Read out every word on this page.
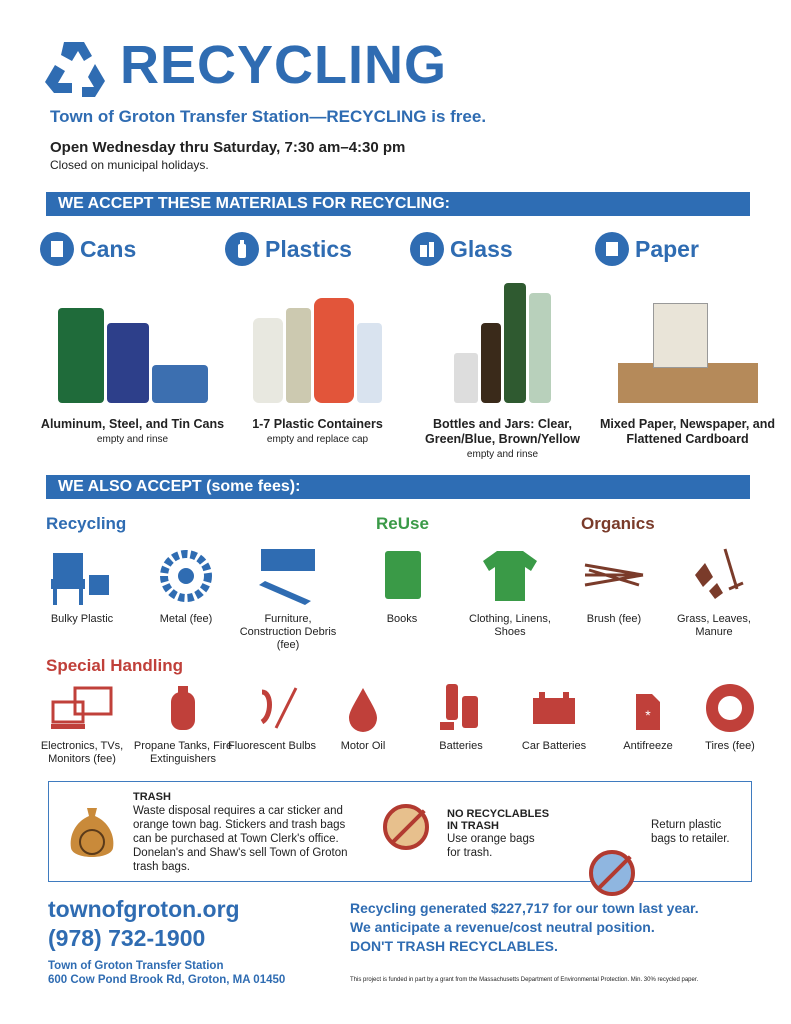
RECYCLING
Town of Groton Transfer Station—RECYCLING is free.
Open Wednesday thru Saturday, 7:30 am–4:30 pm
Closed on municipal holidays.
WE ACCEPT THESE MATERIALS FOR RECYCLING:
Cans
Aluminum, Steel, and Tin Cans
empty and rinse
Plastics
1-7 Plastic Containers
empty and replace cap
Glass
Bottles and Jars: Clear, Green/Blue, Brown/Yellow
empty and rinse
Paper
Mixed Paper, Newspaper, and Flattened Cardboard
WE ALSO ACCEPT (some fees):
Recycling	ReUse	Organics
Bulky Plastic	Metal (fee)	Furniture, Construction Debris (fee)
Books	Clothing, Linens, Shoes
Brush (fee)	Grass, Leaves, Manure
Special Handling
Electronics, TVs, Monitors (fee)
Propane Tanks, Fire Extinguishers
Fluorescent Bulbs	Motor Oil	Batteries	Car Batteries
*
Antifreeze	Tires (fee)
TRASH
Waste disposal requires a car sticker and orange town bag. Stickers and trash bags can be purchased at Town Clerk's office. Donelan's and Shaw's sell Town of Groton trash bags.
NO RECYCLABLES IN TRASH
Use orange bags for trash.
Return plastic bags to retailer.
townofgroton.org
(978) 732-1900
Town of Groton Transfer Station
600 Cow Pond Brook Rd, Groton, MA 01450
Recycling generated $227,717 for our town last year.
We anticipate a revenue/cost neutral position.
DON'T TRASH RECYCLABLES.
This project is funded in part by a grant from the Massachusetts Department of Environmental Protection. Min. 30% recycled paper.
